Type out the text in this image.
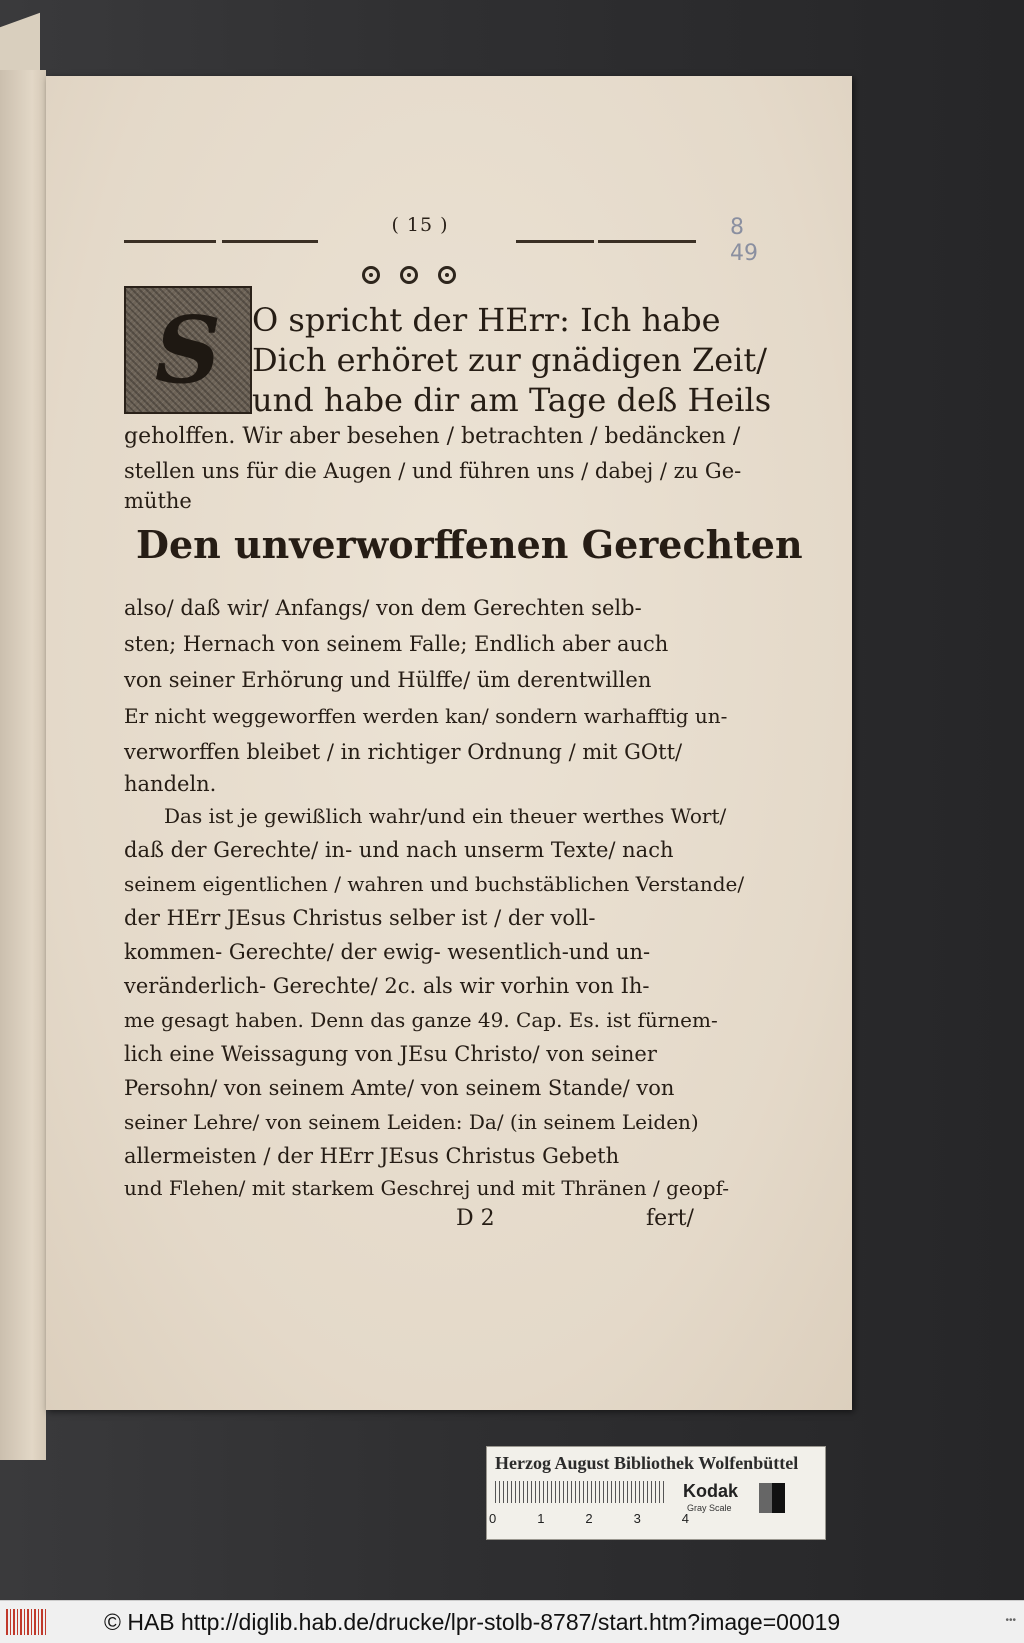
8
49
( 15 )
S O spricht der HErr: Ich habe
Dich erhöret zur gnädigen Zeit/
und habe dir am Tage deß Heils
geholffen. Wir aber besehen / betrachten / bedäncken /
stellen uns für die Augen / und führen uns / dabej / zu Ge-
müthe
Den unverworffenen Gerechten
also/ daß wir/ Anfangs/ von dem Gerechten selb-
sten; Hernach von seinem Falle; Endlich aber auch
von seiner Erhörung und Hülffe/ üm derentwillen
Er nicht weggeworffen werden kan/ sondern warhafftig un-
verworffen bleibet / in richtiger Ordnung / mit GOtt/
handeln.
Das ist je gewißlich wahr/und ein theuer werthes Wort/
daß der Gerechte/ in- und nach unserm Texte/ nach
seinem eigentlichen / wahren und buchstäblichen Verstande/
der HErr JEsus Christus selber ist / der voll-
kommen- Gerechte/ der ewig- wesentlich-und un-
veränderlich- Gerechte/ 2c. als wir vorhin von Ih-
me gesagt haben. Denn das ganze 49. Cap. Es. ist fürnem-
lich eine Weissagung von JEsu Christo/ von seiner
Persohn/ von seinem Amte/ von seinem Stande/ von
seiner Lehre/ von seinem Leiden: Da/ (in seinem Leiden)
allermeisten / der HErr JEsus Christus Gebeth
und Flehen/ mit starkem Geschrej und mit Thränen / geopf-
D 2	fert/
Herzog August Bibliothek Wolfenbüttel
0	1	2	3	4
Kodak
Gray Scale
© HAB http://diglib.hab.de/drucke/lpr-stolb-8787/start.htm?image=00019	•••
